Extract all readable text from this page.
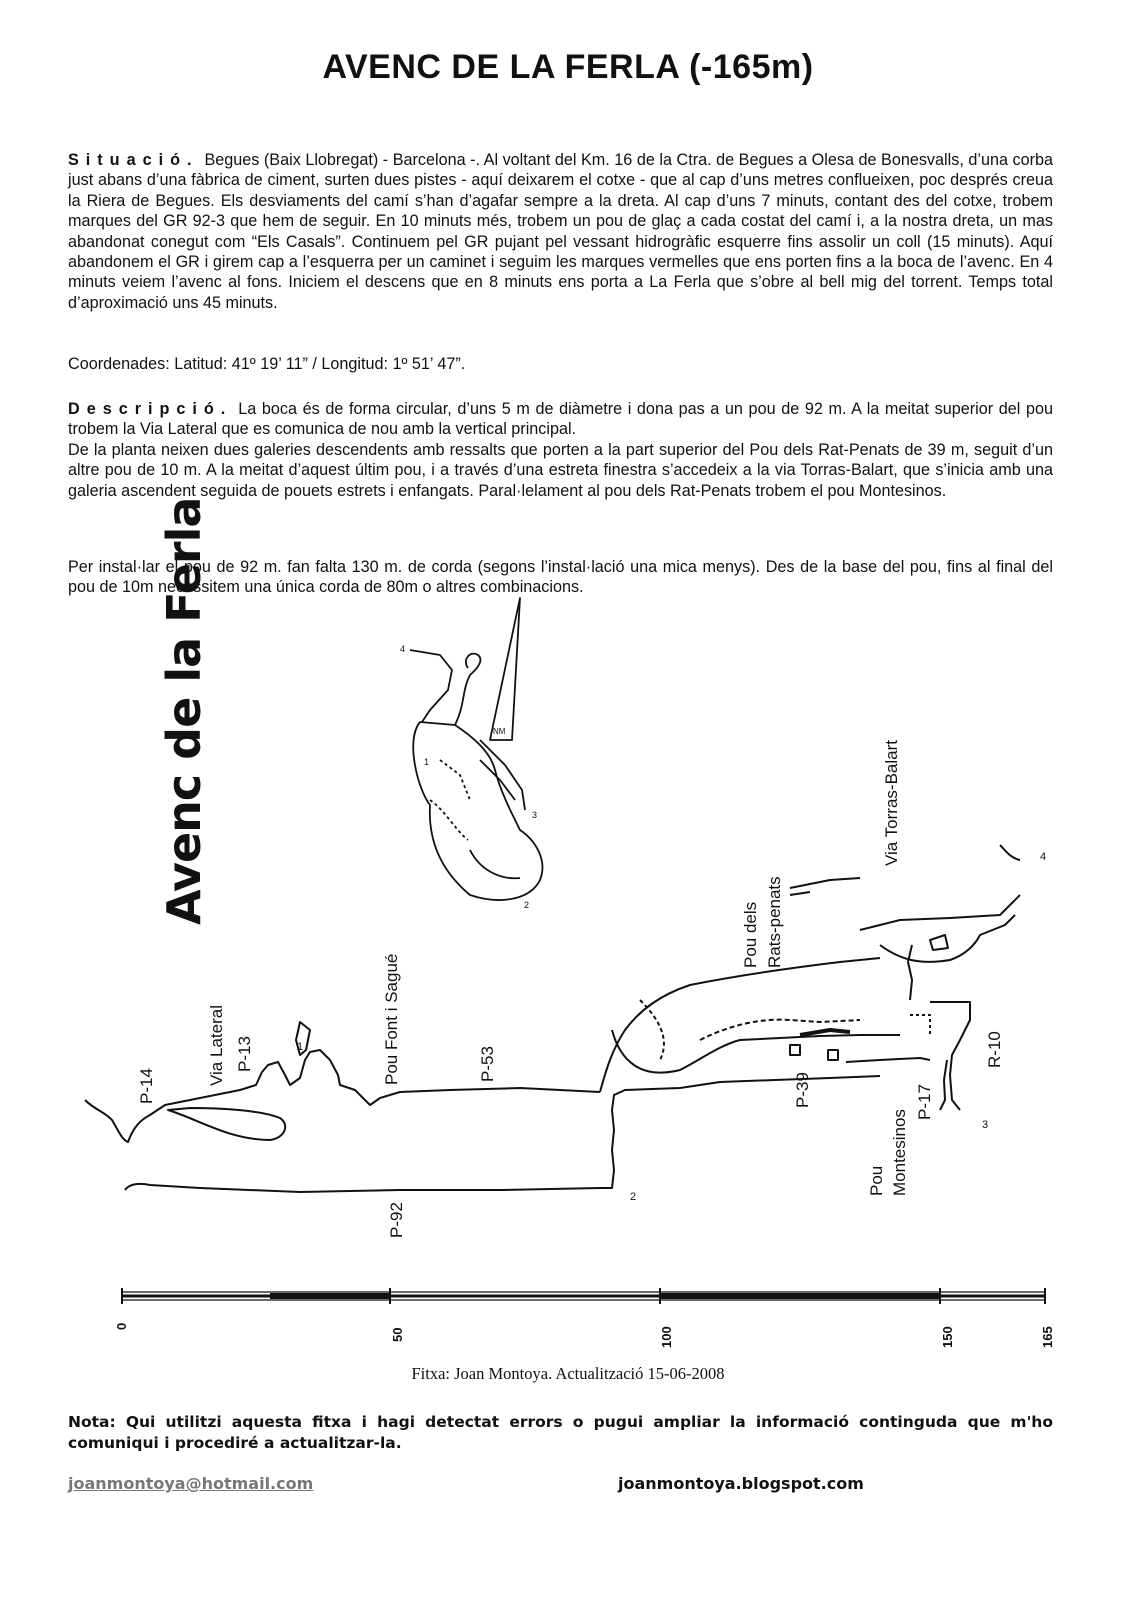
AVENC DE LA FERLA (-165m)

Situació. Begues (Baix Llobregat) - Barcelona -. Al voltant del Km. 16 de la Ctra. de Begues a Olesa de Bonesvalls, d’una corba just abans d’una fàbrica de ciment, surten dues pistes - aquí deixarem el cotxe - que al cap d’uns metres conflueixen, poc després creua la Riera de Begues. Els desviaments del camí s’han d’agafar sempre a la dreta. Al cap d’uns 7 minuts, contant des del cotxe, trobem marques del GR 92-3 que hem de seguir. En 10 minuts més, trobem un pou de glaç a cada costat del camí i, a la nostra dreta, un mas abandonat conegut com “Els Casals”. Continuem pel GR pujant pel vessant hidrogràfic esquerre fins assolir un coll (15 minuts). Aquí abandonem el GR i girem cap a l’esquerra per un caminet i seguim les marques vermelles que ens porten fins a la boca de l’avenc. En 4 minuts veiem l’avenc al fons. Iniciem el descens que en 8 minuts ens porta a La Ferla que s’obre al bell mig del torrent. Temps total d’aproximació uns 45 minuts.

Coordenades: Latitud: 41º 19’ 11” / Longitud: 1º 51’ 47”.

Descripció. La boca és de forma circular, d’uns 5 m de diàmetre i dona pas a un pou de 92 m. A la meitat superior del pou trobem la Via Lateral que es comunica de nou amb la vertical principal.

De la planta neixen dues galeries descendents amb ressalts que porten a la part superior del Pou dels Rat-Penats de 39 m, seguit d’un altre pou de 10 m. A la meitat d’aquest últim pou, i a través d’una estreta finestra s’accedeix a la via Torras-Balart, que s’inicia amb una galeria ascendent seguida de pouets estrets i enfangats. Paral·lelament al pou dels Rat-Penats trobem el pou Montesinos.

Per instal·lar el pou de 92 m. fan falta 130 m. de corda (segons l’instal·lació una mica menys). Des de la base del pou, fins al final del pou de 10m necessitem una única corda de 80m o altres combinacions.

Avenc de la Ferla	NM
1
2
3
4
Via Lateral
P-14
P-13	Pou Font i Sagué	P-53
P-92
Pou dels Rats-penats
Via Torras-Balart
P-39
Pou Montesinos
P-17
R-10
1
2
3
4
0
50	100	150	165
Fitxa: Joan Montoya. Actualització 15-06-2008

Nota: Qui utilitzi aquesta fitxa i hagi detectat errors o pugui ampliar la informació continguda que m'ho comuniqui i procediré a actualitzar-la.

joanmontoya@hotmail.com	joanmontoya.blogspot.com
